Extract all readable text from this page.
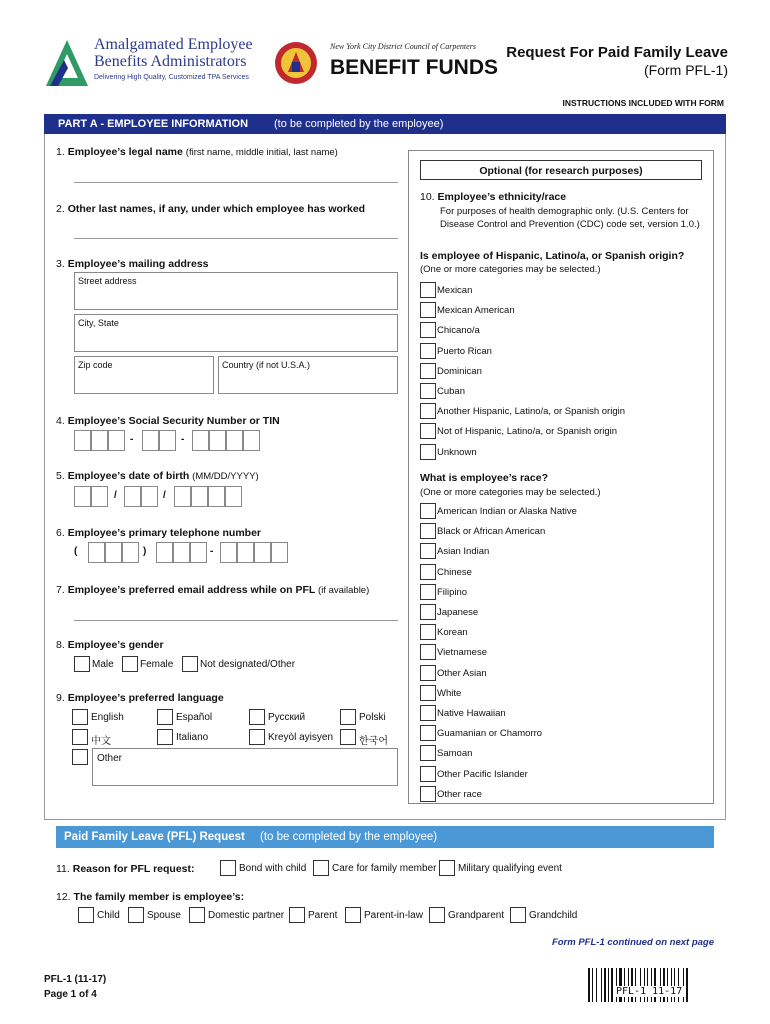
Amalgamated Employee
Benefits Administrators
Delivering High Quality, Customized TPA Services
New York City District Council of Carpenters
BENEFIT FUNDS
Request For Paid Family Leave
(Form PFL-1)
INSTRUCTIONS INCLUDED WITH FORM
PART A - EMPLOYEE INFORMATION (to be completed by the employee)
1. Employee’s legal name (first name, middle initial, last name)
2. Other last names, if any, under which employee has worked
3. Employee’s mailing address
Street address
City, State
Zip code	Country (if not U.S.A.)
4. Employee’s Social Security Number or TIN
-	-
5. Employee’s date of birth (MM/DD/YYYY)
/	/
6. Employee’s primary telephone number
(	)	-
7. Employee’s preferred email address while on PFL (if available)
8. Employee’s gender
Male	Female	Not designated/Other
9. Employee’s preferred language
English	Español	Русский	Polski
中文	Italiano	Kreyòl ayisyen	한국어
Other
Optional (for research purposes)
10. Employee’s ethnicity/race
For purposes of health demographic only. (U.S. Centers for
Disease Control and Prevention (CDC) code set, version 1.0.)
Is employee of Hispanic, Latino/a, or Spanish origin?
(One or more categories may be selected.)
Mexican
Mexican American
Chicano/a
Puerto Rican
Dominican
Cuban
Another Hispanic, Latino/a, or Spanish origin
Not of Hispanic, Latino/a, or Spanish origin
Unknown
What is employee’s race?
(One or more categories may be selected.)
American Indian or Alaska Native
Black or African American
Asian Indian
Chinese
Filipino
Japanese
Korean
Vietnamese
Other Asian
White
Native Hawaiian
Guamanian or Chamorro
Samoan
Other Pacific Islander
Other race
Paid Family Leave (PFL) Request (to be completed by the employee)
11. Reason for PFL request:	Bond with child	Care for family member Military qualifying event
12. The family member is employee’s:
Child	Spouse	Domestic partner Parent	Parent-in-law	Grandparent Grandchild
Form PFL-1 continued on next page
PFL-1 (11-17)
Page 1 of 4	PFL-1 11-17
